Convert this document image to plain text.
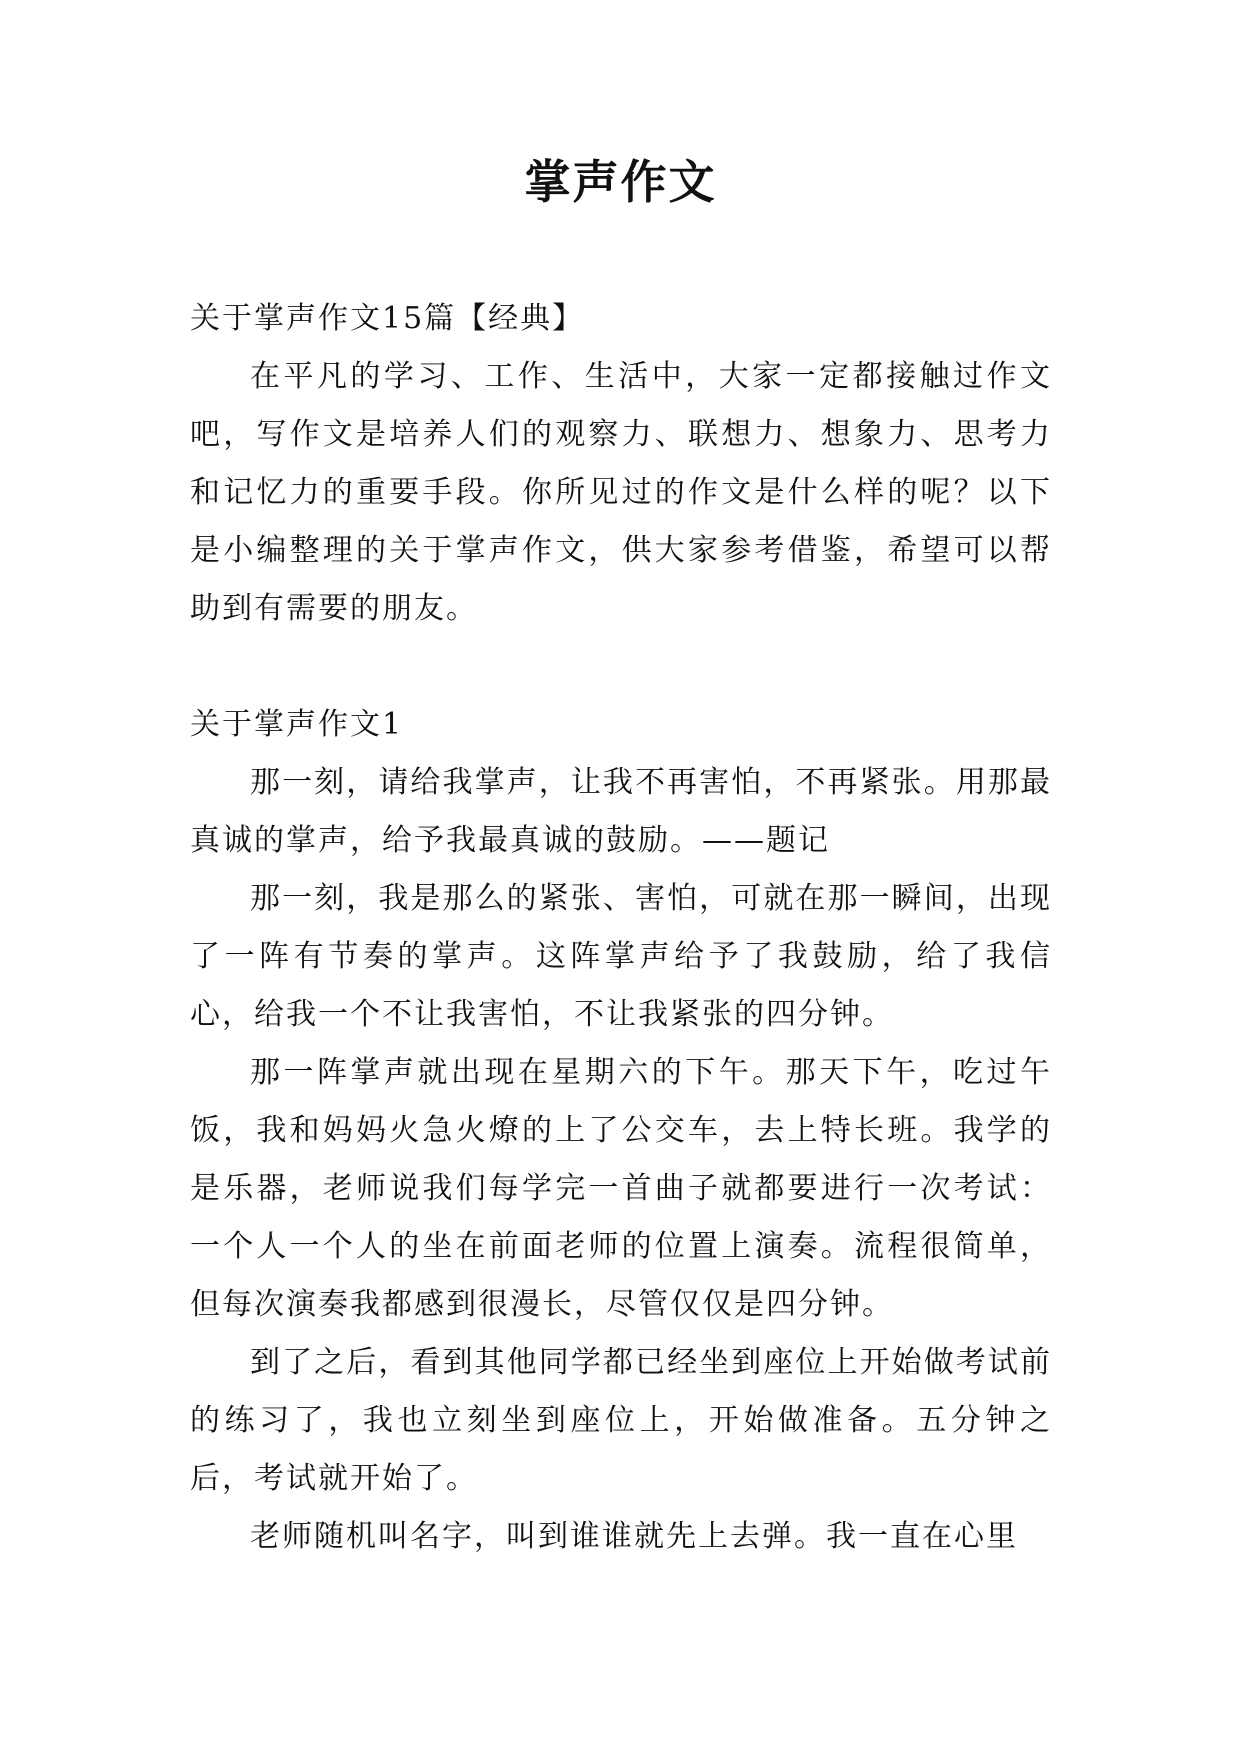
掌声作文

关于掌声作文15篇【经典】

在平凡的学习、工作、生活中，大家一定都接触过作文吧，写作文是培养人们的观察力、联想力、想象力、思考力和记忆力的重要手段。你所见过的作文是什么样的呢？以下是小编整理的关于掌声作文，供大家参考借鉴，希望可以帮助到有需要的朋友。

关于掌声作文1

那一刻，请给我掌声，让我不再害怕，不再紧张。用那最真诚的掌声，给予我最真诚的鼓励。——题记

那一刻，我是那么的紧张、害怕，可就在那一瞬间，出现了一阵有节奏的掌声。这阵掌声给予了我鼓励，给了我信心，给我一个不让我害怕，不让我紧张的四分钟。

那一阵掌声就出现在星期六的下午。那天下午，吃过午饭，我和妈妈火急火燎的上了公交车，去上特长班。我学的是乐器，老师说我们每学完一首曲子就都要进行一次考试：一个人一个人的坐在前面老师的位置上演奏。流程很简单，但每次演奏我都感到很漫长，尽管仅仅是四分钟。

到了之后，看到其他同学都已经坐到座位上开始做考试前的练习了，我也立刻坐到座位上，开始做准备。五分钟之后，考试就开始了。

老师随机叫名字，叫到谁谁就先上去弹。我一直在心里
